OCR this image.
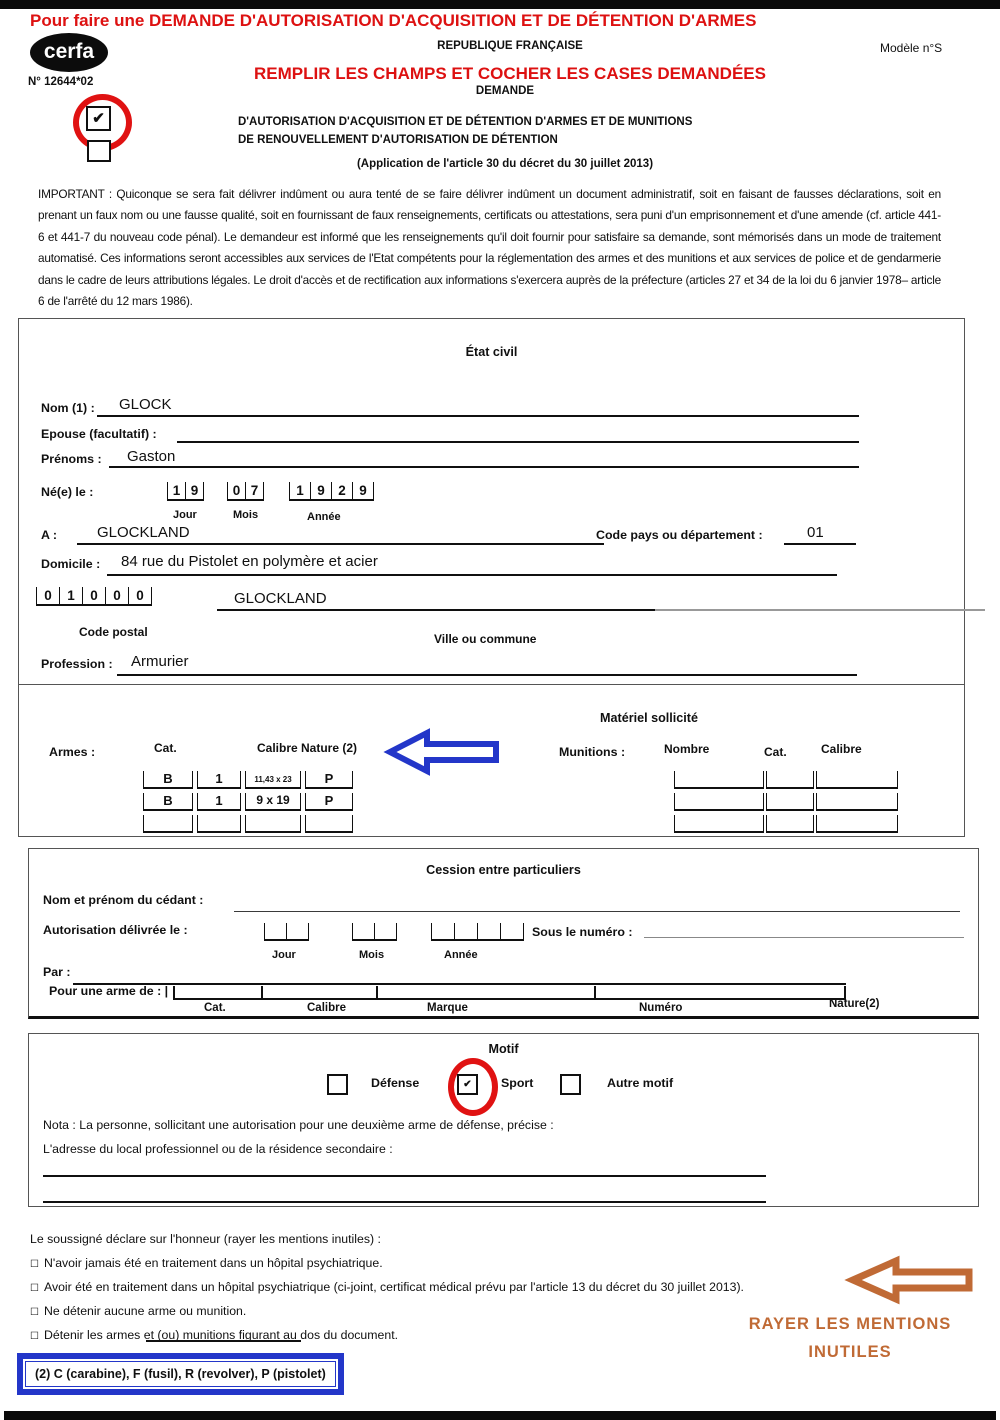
Pour faire une DEMANDE D'AUTORISATION D'ACQUISITION ET DE DÉTENTION D'ARMES
cerfa	REPUBLIQUE FRANÇAISE	Modèle n°S
N° 12644*02	REMPLIR LES CHAMPS ET COCHER LES CASES DEMANDÉES
DEMANDE
✔	D'AUTORISATION D'ACQUISITION ET DE DÉTENTION D'ARMES ET DE MUNITIONS
DE RENOUVELLEMENT D'AUTORISATION DE DÉTENTION
(Application de l'article 30 du décret du 30 juillet 2013)
IMPORTANT : Quiconque se sera fait délivrer indûment ou aura tenté de se faire délivrer indûment un document administratif, soit en faisant de fausses déclarations, soit en prenant un faux nom ou une fausse qualité, soit en fournissant de faux renseignements, certificats ou attestations, sera puni d'un emprisonnement et d'une amende (cf. article 441-6 et 441-7 du nouveau code pénal). Le demandeur est informé que les renseignements qu'il doit fournir pour satisfaire sa demande, sont mémorisés dans un mode de traitement automatisé. Ces informations seront accessibles aux services de l'Etat compétents pour la réglementation des armes et des munitions et aux services de police et de gendarmerie dans le cadre de leurs attributions légales. Le droit d'accès et de rectification aux informations s'exercera auprès de la préfecture (articles 27 et 34 de la loi du 6 janvier 1978– article 6 de l'arrêté du 12 mars 1986).
État civil
Nom (1) : GLOCK
Epouse (facultatif) :
Prénoms : Gaston
Né(e) le :	1 9	0 7	1 9 2 9
Jour	Mois	Année
A :	GLOCKLAND	Code pays ou département :	01
Domicile : 84 rue du Pistolet en polymère et acier
0	1	0	0	0	GLOCKLAND
Code postal	Ville ou commune
Profession : Armurier
Matériel sollicité
Armes :	Cat.	Calibre Nature (2)
B	1	11,43 x 23	P
B	1	9 x 19	P
Munitions :	Nombre	Cat.	Calibre
Cession entre particuliers
Nom et prénom du cédant :
Autorisation délivrée le :	Sous le numéro :
Jour	Mois	Année
Par :
Pour une arme de : |
Cat.	Calibre	Marque	Numéro	Nature(2)
Motif
Défense	✔	Sport	Autre motif
Nota : La personne, sollicitant une autorisation pour une deuxième arme de défense, précise :
L'adresse du local professionnel ou de la résidence secondaire :
Le soussigné déclare sur l'honneur (rayer les mentions inutiles) :
☐ N'avoir jamais été en traitement dans un hôpital psychiatrique.
☐ Avoir été en traitement dans un hôpital psychiatrique (ci-joint, certificat médical prévu par l'article 13 du décret du 30 juillet 2013).
☐ Ne détenir aucune arme ou munition.
☐ Détenir les armes et (ou) munitions figurant au dos du document.
RAYER LES MENTIONS
INUTILES
(2) C (carabine), F (fusil), R (revolver), P (pistolet)
